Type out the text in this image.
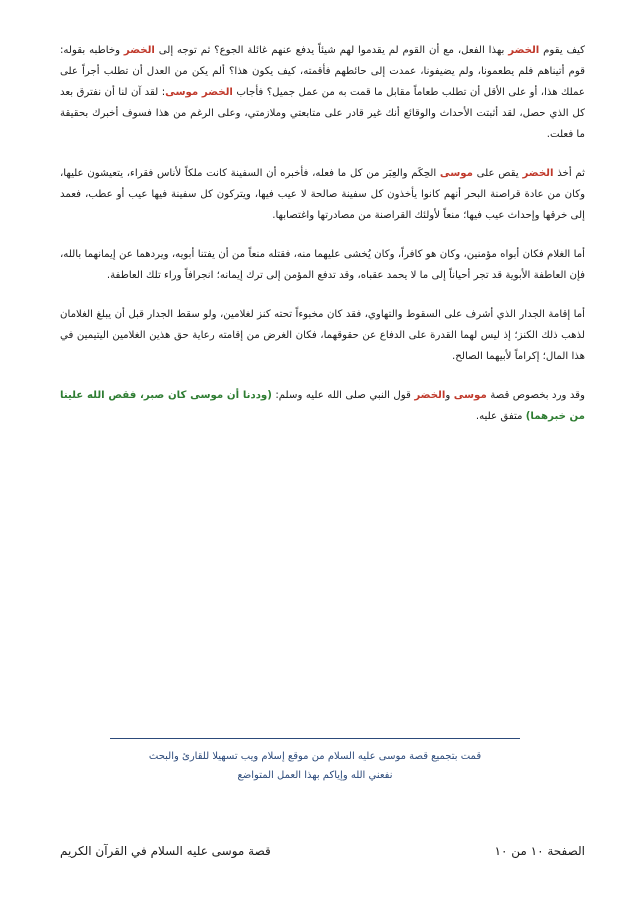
كيف يقوم الخضر بهذا الفعل، مع أن القوم لم يقدموا لهم شيئاً يدفع عنهم غائلة الجوع؟ ثم توجه إلى الخضر وخاطبه بقوله: قوم أتيناهم فلم يطعمونا، ولم يضيفونا، عمدت إلى حائطهم فأقمته، كيف يكون هذا؟ ألم يكن من العدل أن تطلب أجراً على عملك هذا، أو على الأقل أن تطلب طعاماً مقابل ما قمت به من عمل جميل؟ فأجاب الخضر موسى: لقد آن لنا أن نفترق بعد كل الذي حصل، لقد أثبتت الأحداث والوقائع أنك غير قادر على متابعتي وملازمتي، وعلى الرغم من هذا فسوف أخبرك بحقيقة ما فعلت.

ثم أخذ الخضر يقص على موسى الحِكَم والعِبَر من كل ما فعله، فأخبره أن السفينة كانت ملكاً لأناس فقراء، يتعيشون عليها، وكان من عادة قراصنة البحر أنهم كانوا يأخذون كل سفينة صالحة لا عيب فيها، ويتركون كل سفينة فيها عيب أو عطب، فعمد إلى خرقها وإحداث عيب فيها؛ منعاً لأولئك القراصنة من مصادرتها واغتصابها.

أما الغلام فكان أبواه مؤمنين، وكان هو كافراً، وكان يُخشى عليهما منه، فقتله منعاً من أن يفتنا أبويه، ويردهما عن إيمانهما بالله، فإن العاطفة الأبوية قد تجر أحياناً إلى ما لا يحمد عقباه، وقد تدفع المؤمن إلى ترك إيمانه؛ انجرافاً وراء تلك العاطفة.

أما إقامة الجدار الذي أشرف على السقوط والتهاوي، فقد كان مخبوءاً تحته كنز لغلامين، ولو سقط الجدار قبل أن يبلغ الغلامان لذهب ذلك الكنز؛ إذ ليس لهما القدرة على الدفاع عن حقوقهما، فكان الغرض من إقامته رعاية حق هذين الغلامين اليتيمين في هذا المال؛ إكراماً لأبيهما الصالح.

وقد ورد بخصوص قصة موسى والخضر قول النبي صلى الله عليه وسلم: (وددنا أن موسى كان صبر، فقص الله علينا من خبرهما) متفق عليه.

قمت بتجميع قصة موسى عليه السلام من موقع إسلام ويب تسهيلا للقارئ والبحث
نفعني الله وإياكم بهذا العمل المتواضع
قصة موسى عليه السلام في القرآن الكريم	الصفحة ١٠ من ١٠
